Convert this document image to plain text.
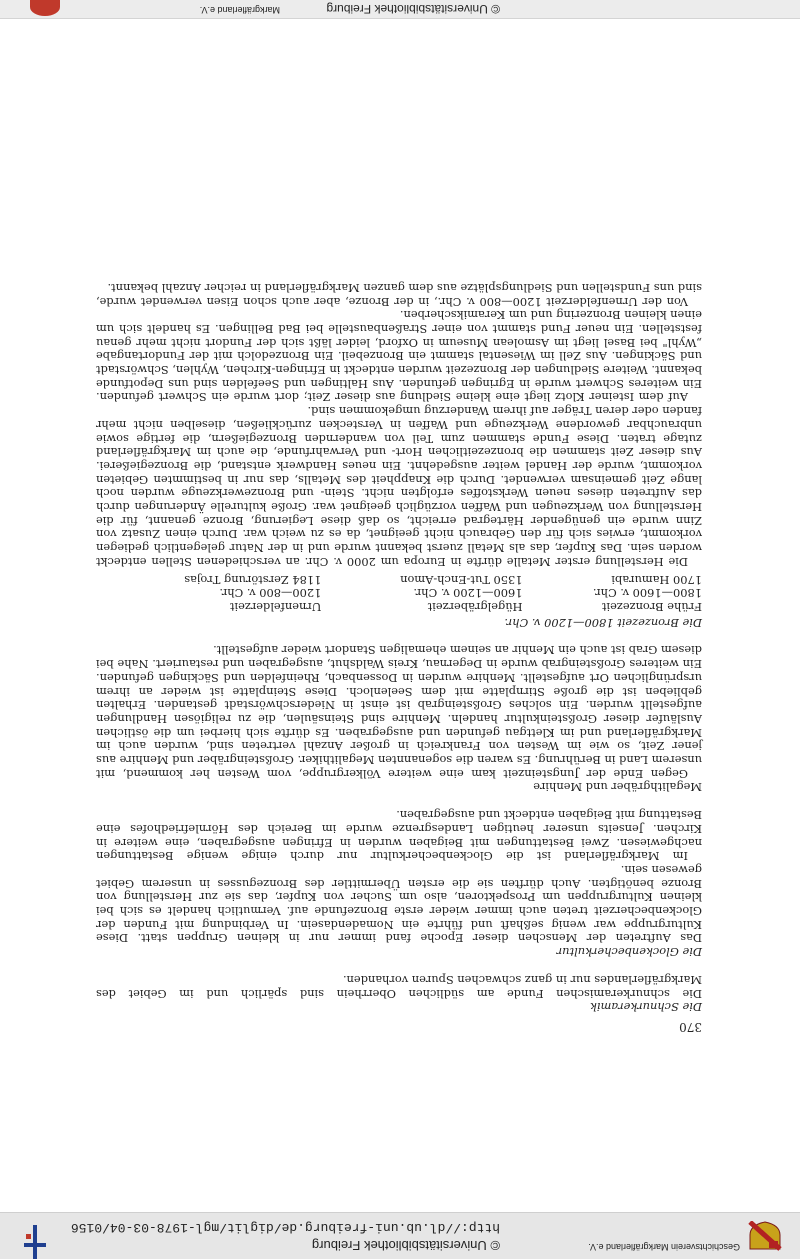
Geschichtsverein Markgräflerland e.V.
© Universitätsbibliothek Freiburg
http://dl.ub.uni-freiburg.de/diglit/mgl-1978-03-04/0156
370

Die Schnurkeramik

Die schnurkeramischen Funde am südlichen Oberrhein sind spärlich und im Gebiet des Markgräflerlandes nur in ganz schwachen Spuren vorhanden.

Die Glockenbecherkultur

Das Auftreten der Menschen dieser Epoche fand immer nur in kleinen Gruppen statt. Diese Kulturgruppe war wenig seßhaft und führte ein Nomadendasein. In Verbindung mit Funden der Glockenbecherzeit treten auch immer wieder erste Bronzefunde auf. Vermutlich handelt es sich bei kleinen Kulturgruppen um Prospektoren, also um Sucher von Kupfer, das sie zur Herstellung von Bronze benötigten. Auch dürften sie die ersten Übermittler des Bronzegusses in unserem Gebiet gewesen sein.

Im Markgräflerland ist die Glockenbecherkultur nur durch einige wenige Bestattungen nachgewiesen. Zwei Bestattungen mit Beigaben wurden in Efringen ausgegraben, eine weitere in Kirchen. Jenseits unserer heutigen Landesgrenze wurde im Bereich des Hörnlefriedhofes eine Bestattung mit Beigaben entdeckt und ausgegraben.

Megalithgräber und Menhire

Gegen Ende der Jungsteinzeit kam eine weitere Völkergruppe, vom Westen her kommend, mit unserem Land in Berührung. Es waren die sogenannten Megalithiker. Großsteingräber und Menhire aus jener Zeit, so wie im Westen von Frankreich in großer Anzahl vertreten sind, wurden auch im Markgräflerland und im Klettgau gefunden und ausgegraben. Es dürfte sich hierbei um die östlichen Ausläufer dieser Großsteinkultur handeln. Menhire sind Steinsäulen, die zu religiösen Handlungen aufgestellt wurden. Ein solches Großsteingrab ist einst in Niederschwörstadt gestanden. Erhalten geblieben ist die große Stirnplatte mit dem Seelenloch. Diese Steinplatte ist wieder an ihrem ursprünglichen Ort aufgestellt. Menhire wurden in Dossenbach, Rheinfelden und Säckingen gefunden. Ein weiteres Großsteingrab wurde in Degernau, Kreis Waldshut, ausgegraben und restauriert. Nahe bei diesem Grab ist auch ein Menhir an seinem ehemaligen Standort wieder aufgestellt.

Die Bronzezeit 1800—1200 v. Chr.

Frühe Bronzezeit	Hügelgräberzeit	Urnenfelderzeit
1800—1600 v. Chr.	1600—1200 v. Chr.	1200—800 v. Chr.
1700 Hamurabi	1350 Tut-Ench-Amon	1184 Zerstörung Trojas

Die Herstellung erster Metalle dürfte in Europa um 2000 v. Chr. an verschiedenen Stellen entdeckt worden sein. Das Kupfer, das als Metall zuerst bekannt wurde und in der Natur gelegentlich gediegen vorkommt, erwies sich für den Gebrauch nicht geeignet, da es zu weich war. Durch einen Zusatz von Zinn wurde ein genügender Härtegrad erreicht, so daß diese Legierung, Bronze genannt, für die Herstellung von Werkzeugen und Waffen vorzüglich geeignet war. Große kulturelle Änderungen durch das Auftreten dieses neuen Werkstoffes erfolgten nicht. Stein- und Bronzewerkzeuge wurden noch lange Zeit gemeinsam verwendet. Durch die Knappheit des Metalls, das nur in bestimmten Gebieten vorkommt, wurde der Handel weiter ausgedehnt. Ein neues Handwerk entstand, die Bronzegießerei. Aus dieser Zeit stammen die bronzezeitlichen Hort- und Verwahrfunde, die auch im Markgräflerland zutage traten. Diese Funde stammen zum Teil von wandernden Bronzegießern, die fertige sowie unbrauchbar gewordene Werkzeuge und Waffen in Verstecken zurückließen, dieselben nicht mehr fanden oder deren Träger auf ihrem Wanderzug umgekommen sind.

Auf dem Isteiner Klotz liegt eine kleine Siedlung aus dieser Zeit; dort wurde ein Schwert gefunden. Ein weiteres Schwert wurde in Egringen gefunden. Aus Haltingen und Seefelden sind uns Depotfunde bekannt. Weitere Siedlungen der Bronzezeit wurden entdeckt in Efringen-Kirchen, Wyhlen, Schwörstadt und Säckingen. Aus Zell im Wiesental stammt ein Bronzebeil. Ein Bronzedolch mit der Fundortangabe „Wyhl" bei Basel liegt im Asmolean Museum in Oxford, leider läßt sich der Fundort nicht mehr genau feststellen. Ein neuer Fund stammt von einer Straßenbaustelle bei Bad Bellingen. Es handelt sich um einen kleinen Bronzering und um Keramikscherben.

Von der Urnenfelderzeit 1200—800 v. Chr., in der Bronze, aber auch schon Eisen verwendet wurde, sind uns Fundstellen und Siedlungsplätze aus dem ganzen Markgräflerland in reicher Anzahl bekannt.

© Universitätsbibliothek Freiburg
Markgräflerland e.V.
